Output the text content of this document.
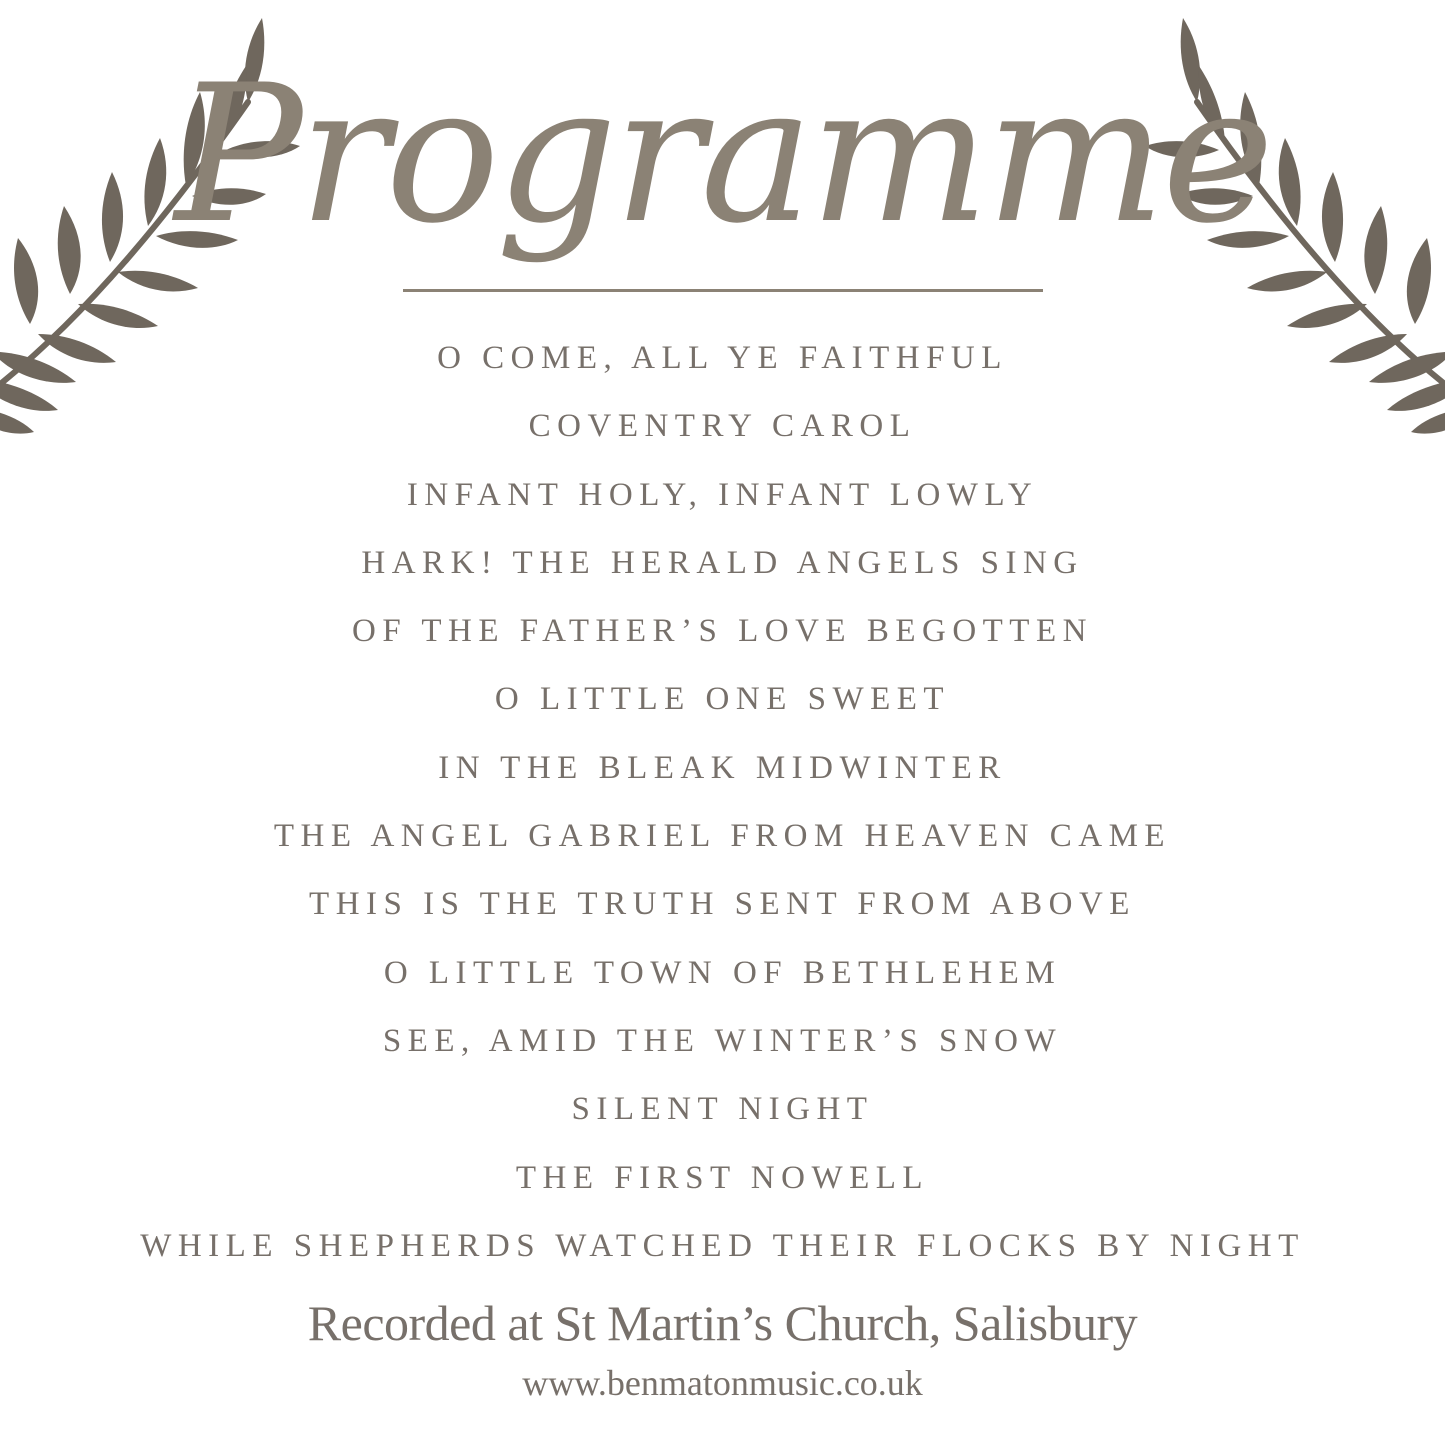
Programme
O COME, ALL YE FAITHFUL
COVENTRY CAROL
INFANT HOLY, INFANT LOWLY
HARK! THE HERALD ANGELS SING
OF THE FATHER’S LOVE BEGOTTEN
O LITTLE ONE SWEET
IN THE BLEAK MIDWINTER
THE ANGEL GABRIEL FROM HEAVEN CAME
THIS IS THE TRUTH SENT FROM ABOVE
O LITTLE TOWN OF BETHLEHEM
SEE, AMID THE WINTER’S SNOW
SILENT NIGHT
THE FIRST NOWELL
WHILE SHEPHERDS WATCHED THEIR FLOCKS BY NIGHT
Recorded at St Martin’s Church, Salisbury
www.benmatonmusic.co.uk
